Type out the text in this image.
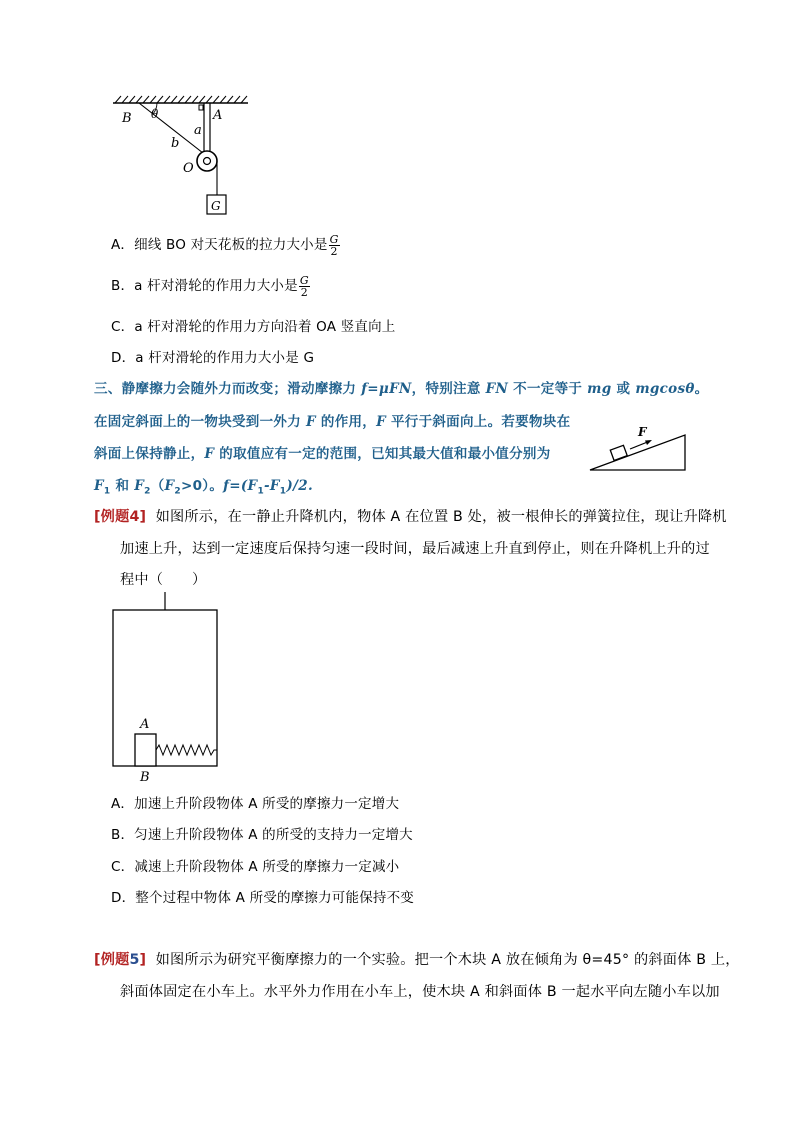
B θ	A
a
b
O
G
A．细线 BO 对天花板的拉力大小是 $\frac{G}{2}$
B．a 杆对滑轮的作用力大小是 $\frac{G}{2}$
C．a 杆对滑轮的作用力方向沿着 OA 竖直向上
D．a 杆对滑轮的作用力大小是 G
三、静摩擦力会随外力而改变；滑动摩擦力 f=μFN，特别注意 FN 不一定等于 mg 或 mgcosθ。
在固定斜面上的一物块受到一外力 F 的作用，F 平行于斜面向上。若要物块在
斜面上保持静止，F 的取值应有一定的范围，已知其最大值和最小值分别为
$F_1$ 和 $F_2(F_2>0)$。$f=(F_1-F_1)/2$.
F
[例题4] 如图所示，在一静止升降机内，物体 A 在位置 B 处，被一根伸长的弹簧拉住，现让升降机
加速上升，达到一定速度后保持匀速一段时间，最后减速上升直到停止，则在升降机上升的过
程中（　　）
A
B
A．加速上升阶段物体 A 所受的摩擦力一定增大
B．匀速上升阶段物体 A 的所受的支持力一定增大
C．减速上升阶段物体 A 所受的摩擦力一定减小
D．整个过程中物体 A 所受的摩擦力可能保持不变
[例题5] 如图所示为研究平衡摩擦力的一个实验。把一个木块 A 放在倾角为 θ=45° 的斜面体 B 上，
斜面体固定在小车上。水平外力作用在小车上，使木块 A 和斜面体 B 一起水平向左随小车以加
